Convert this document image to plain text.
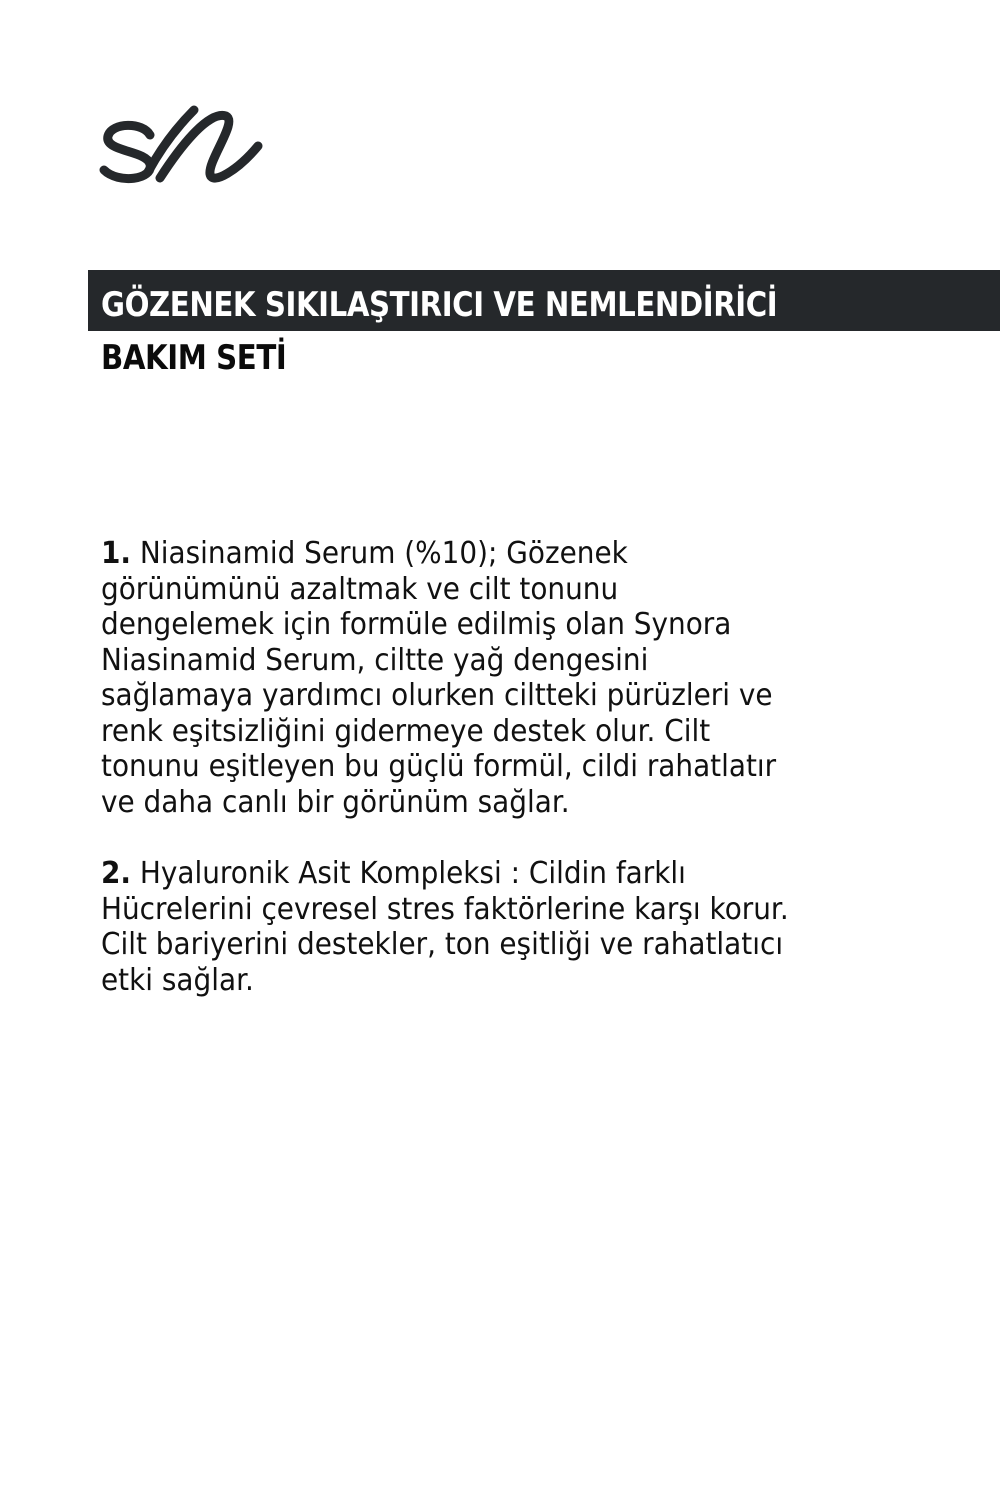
GÖZENEK SIKILAŞTIRICI VE NEMLENDİRİCİ
BAKIM SETİ
1. Niasinamid Serum (%10); Gözenek
görünümünü azaltmak ve cilt tonunu
dengelemek için formüle edilmiş olan Synora
Niasinamid Serum, ciltte yağ dengesini
sağlamaya yardımcı olurken ciltteki pürüzleri ve
renk eşitsizliğini gidermeye destek olur. Cilt
tonunu eşitleyen bu güçlü formül, cildi rahatlatır
ve daha canlı bir görünüm sağlar.
2. Hyaluronik Asit Kompleksi : Cildin farklı
Hücrelerini çevresel stres faktörlerine karşı korur.
Cilt bariyerini destekler, ton eşitliği ve rahatlatıcı
etki sağlar.
